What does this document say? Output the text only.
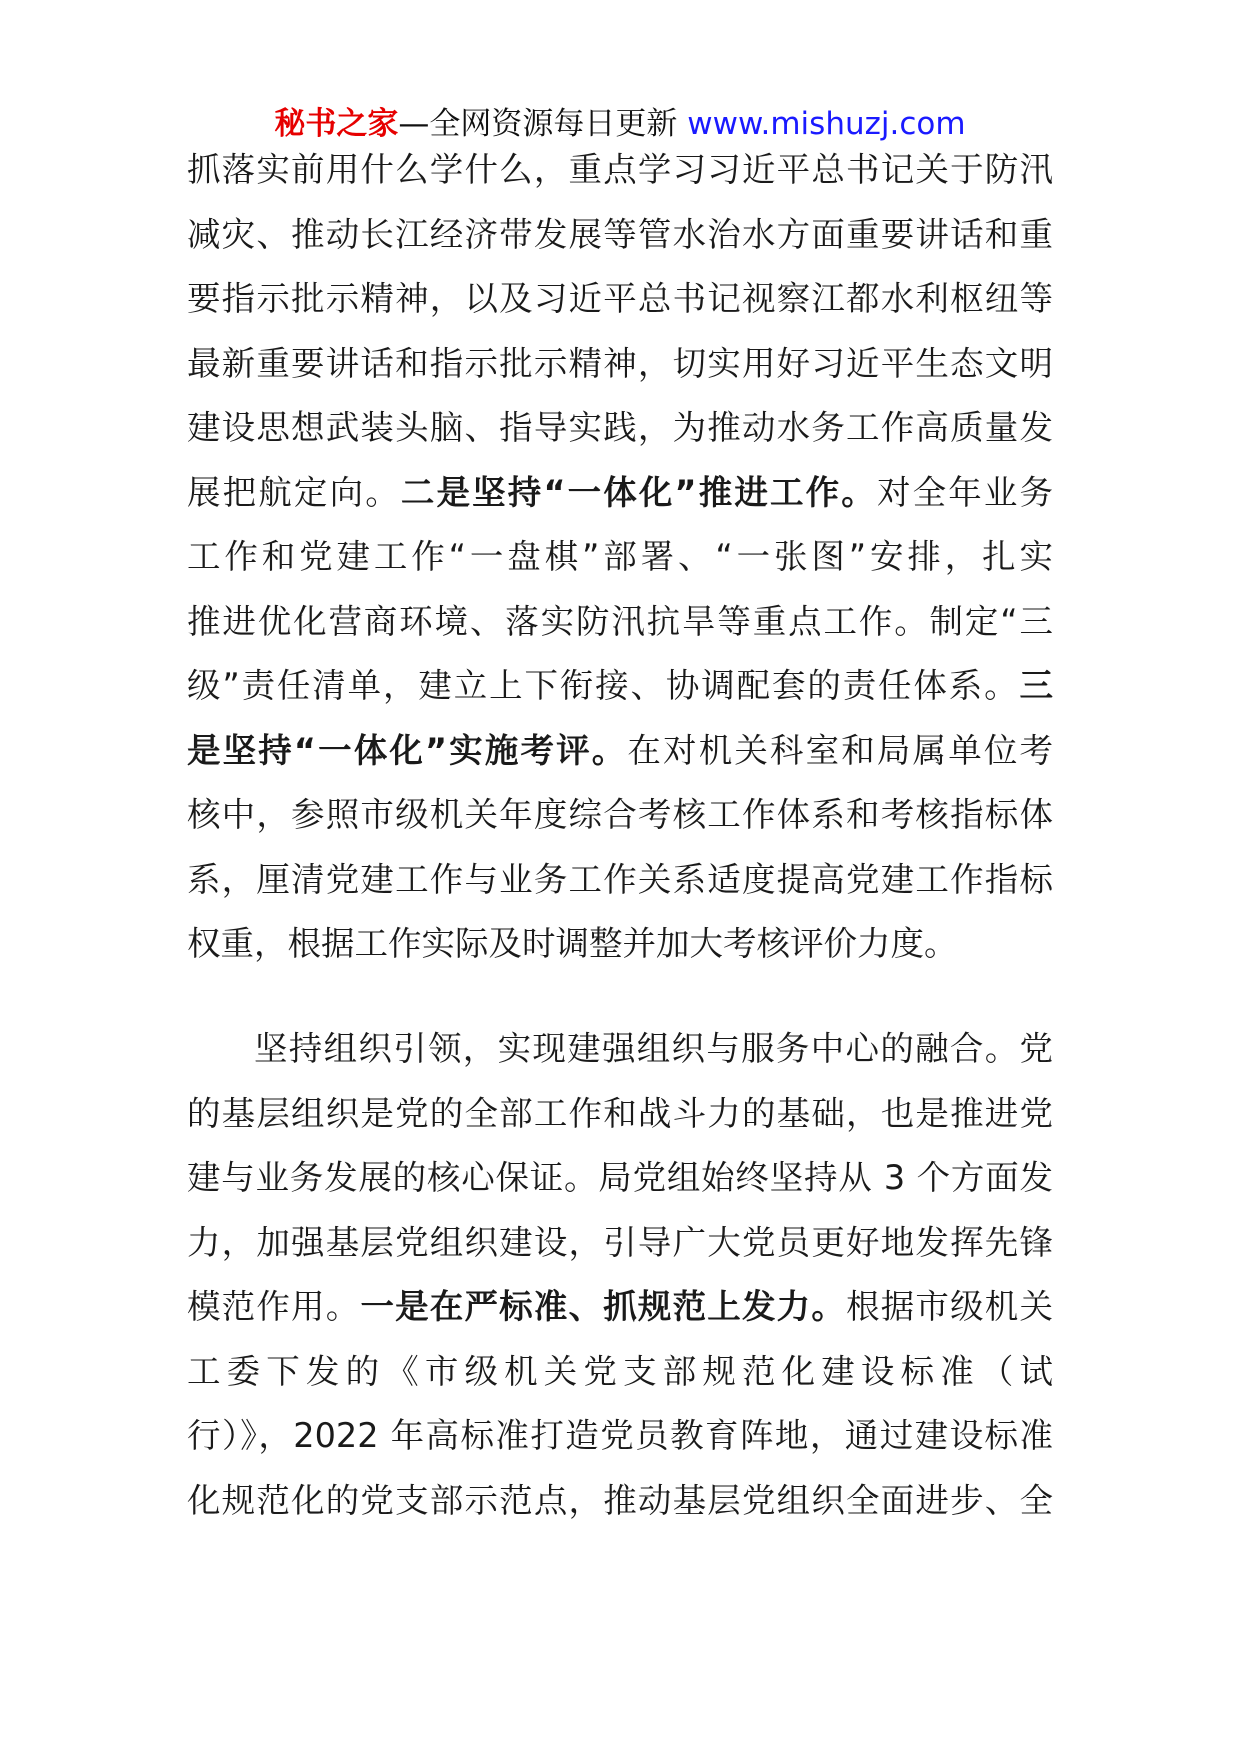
秘书之家—全网资源每日更新 www.mishuzj.com
抓落实前用什么学什么，重点学习习近平总书记关于防汛
减灾、推动长江经济带发展等管水治水方面重要讲话和重
要指示批示精神，以及习近平总书记视察江都水利枢纽等
最新重要讲话和指示批示精神，切实用好习近平生态文明
建设思想武装头脑、指导实践，为推动水务工作高质量发
展把航定向。二是坚持“一体化”推进工作。对全年业务
工作和党建工作“一盘棋”部署、“一张图”安排，扎实
推进优化营商环境、落实防汛抗旱等重点工作。制定“三
级”责任清单，建立上下衔接、协调配套的责任体系。三
是坚持“一体化”实施考评。在对机关科室和局属单位考
核中，参照市级机关年度综合考核工作体系和考核指标体
系，厘清党建工作与业务工作关系适度提高党建工作指标
权重，根据工作实际及时调整并加大考核评价力度。
坚持组织引领，实现建强组织与服务中心的融合。党
的基层组织是党的全部工作和战斗力的基础，也是推进党
建与业务发展的核心保证。局党组始终坚持从 3 个方面发
力，加强基层党组织建设，引导广大党员更好地发挥先锋
模范作用。一是在严标准、抓规范上发力。根据市级机关
工委下发的《市级机关党支部规范化建设标准（试
行）》，2022 年高标准打造党员教育阵地，通过建设标准
化规范化的党支部示范点，推动基层党组织全面进步、全
